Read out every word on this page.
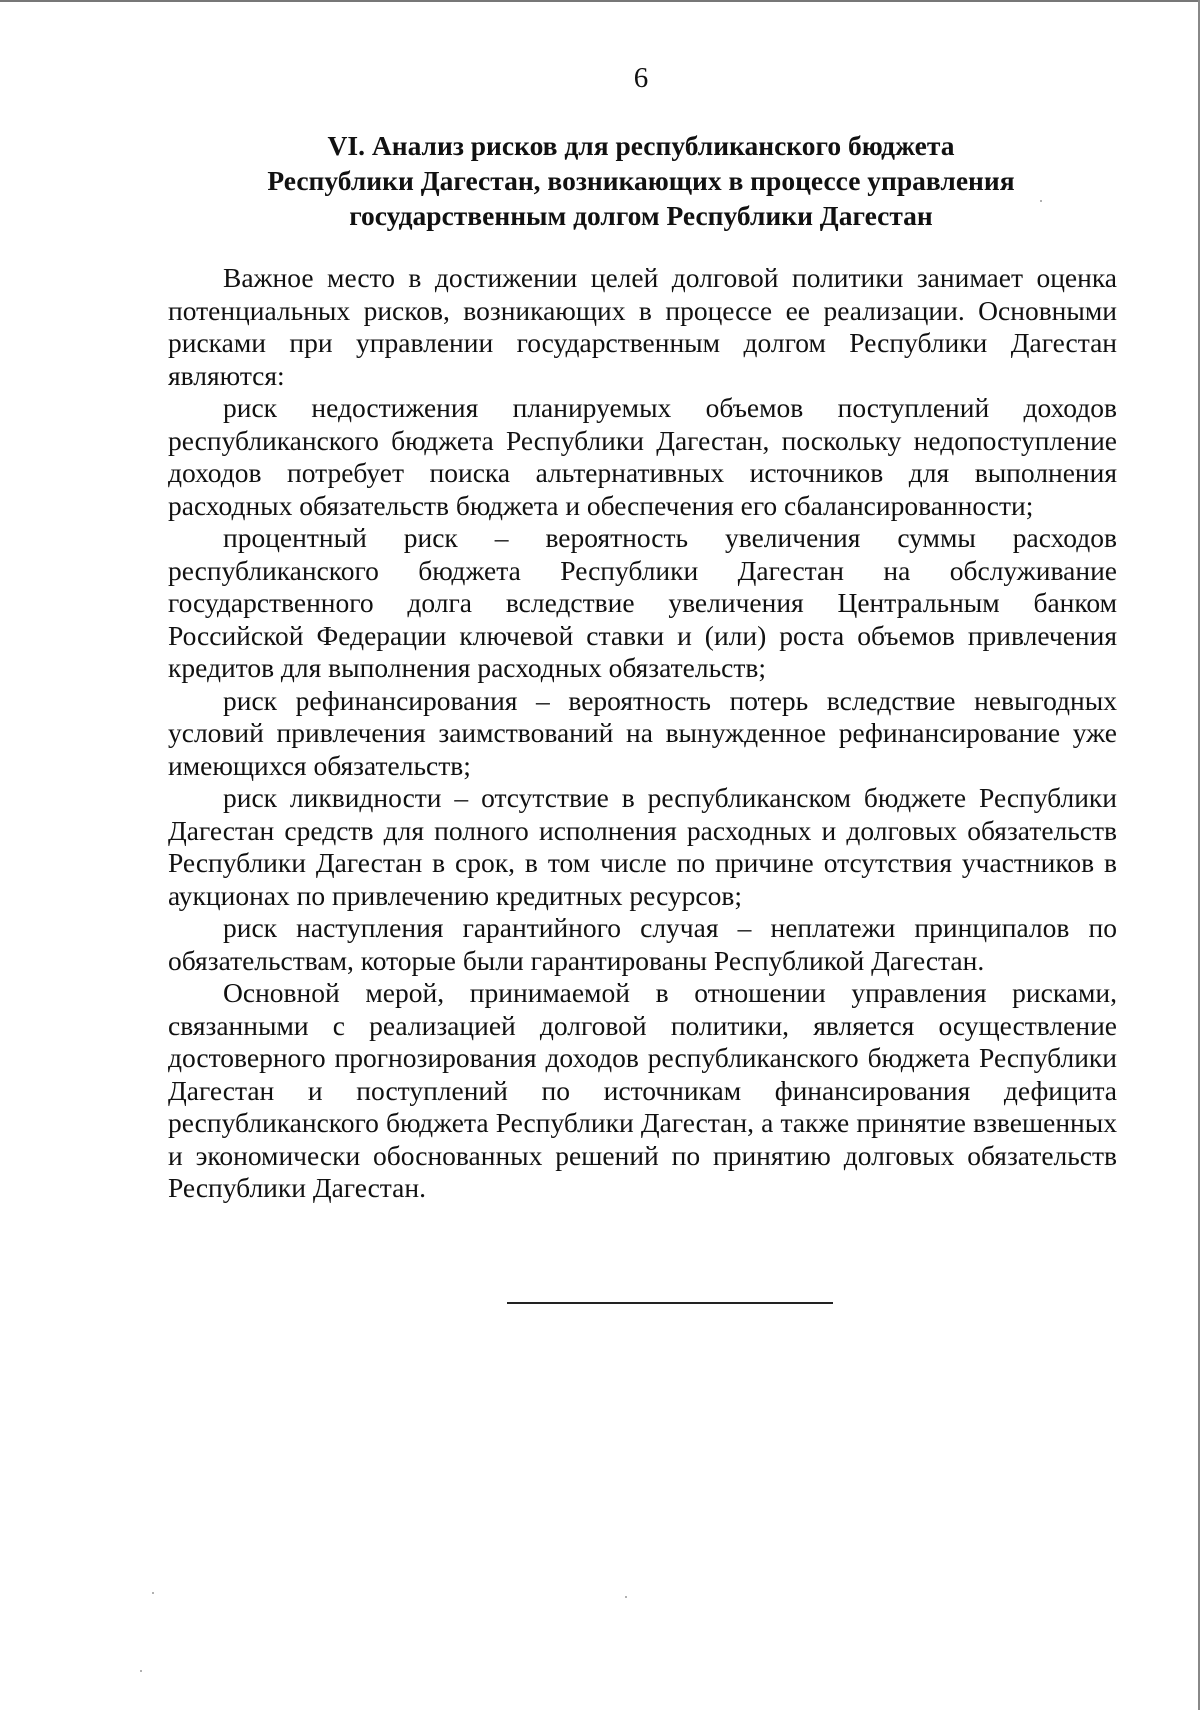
6
VI. Анализ рисков для республиканского бюджета
Республики Дагестан, возникающих в процессе управления
государственным долгом Республики Дагестан

Важное место в достижении целей долговой политики занимает оценка потенциальных рисков, возникающих в процессе ее реализации. Основными рисками при управлении государственным долгом Республики Дагестан являются:

риск недостижения планируемых объемов поступлений доходов республиканского бюджета Республики Дагестан, поскольку недопоступление доходов потребует поиска альтернативных источников для выполнения расходных обязательств бюджета и обеспечения его сбалансированности;

процентный риск – вероятность увеличения суммы расходов республиканского бюджета Республики Дагестан на обслуживание государственного долга вследствие увеличения Центральным банком Российской Федерации ключевой ставки и (или) роста объемов привлечения кредитов для выполнения расходных обязательств;

риск рефинансирования – вероятность потерь вследствие невыгодных условий привлечения заимствований на вынужденное рефинансирование уже имеющихся обязательств;

риск ликвидности – отсутствие в республиканском бюджете Республики Дагестан средств для полного исполнения расходных и долговых обязательств Республики Дагестан в срок, в том числе по причине отсутствия участников в аукционах по привлечению кредитных ресурсов;

риск наступления гарантийного случая – неплатежи принципалов по обязательствам, которые были гарантированы Республикой Дагестан.

Основной мерой, принимаемой в отношении управления рисками, связанными с реализацией долговой политики, является осуществление достоверного прогнозирования доходов республиканского бюджета Республики Дагестан и поступлений по источникам финансирования дефицита республиканского бюджета Республики Дагестан, а также принятие взвешенных и экономически обоснованных решений по принятию долговых обязательств Республики Дагестан.
